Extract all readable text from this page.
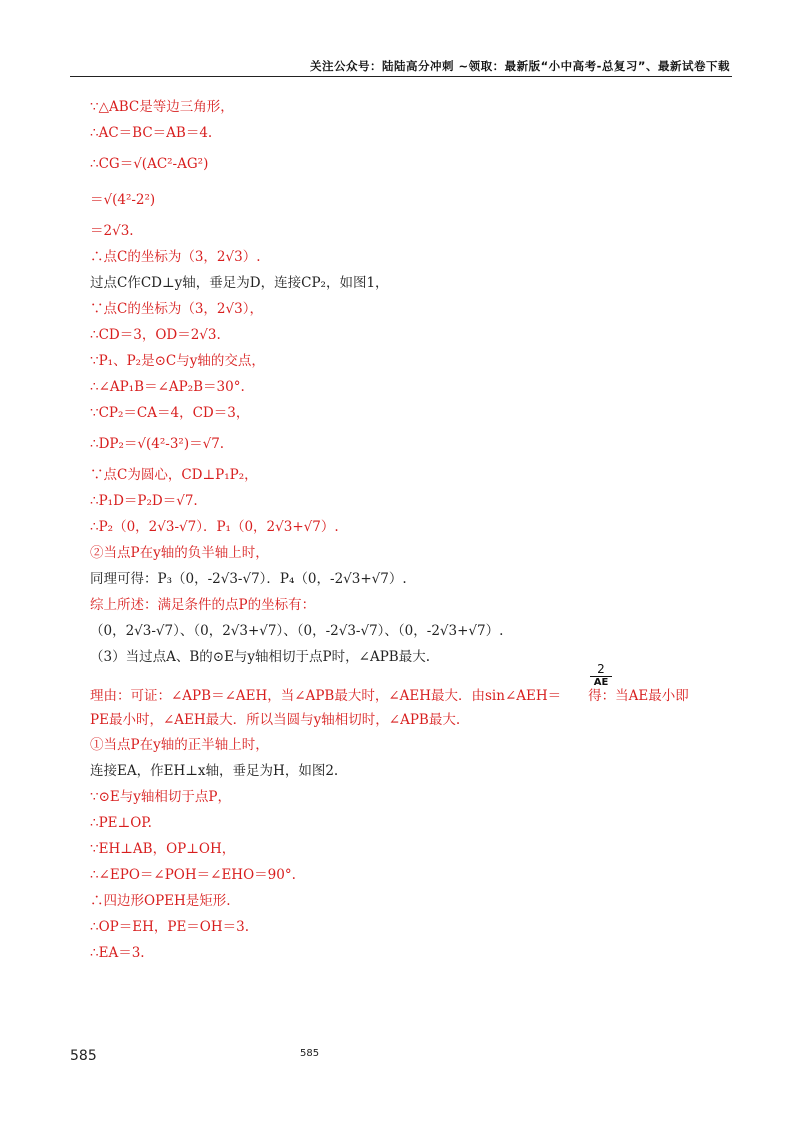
关注公众号：陆陆高分冲刺 ~领取：最新版“小中高考-总复习”、最新试卷下载
∵△ABC是等边三角形，
∴AC＝BC＝AB＝4.
∴CG＝√(AC²-AG²)
＝√(4²-2²)
＝2√3.
∴点C的坐标为（3，2√3）.
过点C作CD⊥y轴，垂足为D，连接CP₂，如图1，
∵点C的坐标为（3，2√3），
∴CD＝3，OD＝2√3.
∵P₁、P₂是⊙C与y轴的交点，
∴∠AP₁B＝∠AP₂B＝30°.
∵CP₂＝CA＝4，CD＝3，
∴DP₂＝√(4²-3²)＝√7.
∵点C为圆心，CD⊥P₁P₂，
∴P₁D＝P₂D＝√7.
∴P₂（0，2√3-√7）．P₁（0，2√3+√7）.
②当点P在y轴的负半轴上时，
同理可得：P₃（0，-2√3-√7）．P₄（0，-2√3+√7）.
综上所述：满足条件的点P的坐标有：
（0，2√3-√7）、（0，2√3+√7）、（0，-2√3-√7）、（0，-2√3+√7）.
（3）当过点A、B的⊙E与y轴相切于点P时，∠APB最大.
理由：可证：∠APB＝∠AEH，当∠APB最大时，∠AEH最大．由sin∠AEH＝　　得：当AE最小即
PE最小时，∠AEH最大．所以当圆与y轴相切时，∠APB最大.
2
AE
①当点P在y轴的正半轴上时，
连接EA，作EH⊥x轴，垂足为H，如图2.
∵⊙E与y轴相切于点P，
∴PE⊥OP.
∵EH⊥AB，OP⊥OH，
∴∠EPO＝∠POH＝∠EHO＝90°.
∴四边形OPEH是矩形.
∴OP＝EH，PE＝OH＝3.
∴EA＝3.
585	585
